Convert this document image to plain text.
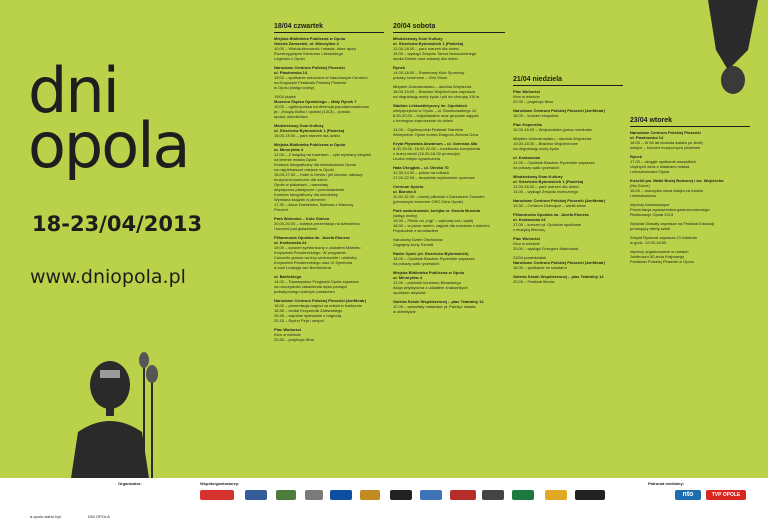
dni
opola
18-23/04/2013
www.dniopola.pl
18/04 czwartek
Miejska Biblioteka Publiczna w Opolu
Galeria Zamostek, ul. Minorytów 4
10.00 – Wielokulturowość i miasta, które łączy
Rozstrzygnięcie Konkursu Literackiego
Legenda o Opolu
Narodowe Centrum Polskiej Piosenki
ul. Piastowska 14
19.00 – spotkanie wieczorne w Narodowym Centrum
na Krajowym Festiwalu Polskiej Piosenki
w Opolu (wstęp wolny)
19/04 piątek
Muzeum Śląska Opolskiego – Mały Rynek 7
10.00 – ogólnopolska konferencja popularnonaukowa
pt.: „Książę Bolko I opolski (1313) – postać,
epoka, dziedzictwo
Młodzieżowy Dom Kultury
ul. Strzelców Bytomskich 1 (Pasieka)
15.00-19.00 – park marzeń dla dzieci
Miejska Biblioteka Publiczna w Opolu
ul. Minorytów 4
12.00 – Z książką na rowerach – cykl wymiany książek
na terenie miasta Opola
Konkurs fotograficzny dla mieszkańców Opola
na najciekawsze miejsce w Opolu
15.00-17.00 – Hotel w Devils i jeli tańców, zabawy
muzyczno-taneczne dla dzieci
Opole w plakatach – warsztaty
artystyczno-plastyczne i przedstawienie
Konkurs fotograficzny dla młodzieży
Wymiana książek w plenerze
17.30 – Anna Danilewicz, Barbara z Manowy
Prezent
Park Wolności – Koło Słońca
20.00-20.00 – kolejna prezentacja na dziedzińcu
i koncert pod gwiazdami
Filharmonia Opolska im. Józefa Elsnera
ul. Krakowska 24
19.00 – koncert symfoniczny z udziałem Maestro
Krzysztofa Pendereckiego. W programie:
Concerto grosso na trzy wiolonczele i orkiestrę
Krzysztofa Pendereckiego oraz IX Symfonia
d-moll Ludwiga van Beethovena
ul. Barlickiego
14.00 – Towarzystwo Przyjaciół Opola zaprasza
na uroczystość zasadzenia dębu pamięci
poświęconego ważnym postaciom
Narodowe Centrum Polskiej Piosenki (Amfiteatr)
18.00 – prezentacja nagród za udział w konkursie
18.30 – recital Krzysztofa Zalewskiego
19.45 – wspólne śpiewanie z nagrodą
20.15 – Rychu Peja i zespół
Plac Wolności
Kino w mieście
20.30 – projekcja filmu
20/04 sobota
Młodzieżowy Dom Kultury
ul. Strzelców Bytomskich 1 (Pasieka)
12.00-18.00 – park marzeń dla dzieci
15.00 – wystąpi Zespołu Tańca Nowoczesnego
studia Debiut oraz zabawy dla dzieci
Rynek
14.00-18.00 – Rowerowy Klub Sportowy
pokazy rowerowe – Gim Show
Miejskie Ucieranowisko – studnia Wojciecha
18.00-19.00 – Bractwo Wojciechowe zaprasza
na degustację wody życia i pół na chorążę XIII w.
Stadion Lekkoatletyczny im. Opolskich
olimpijczyków w Opolu – ul. Sosnkowskiego 12
8.00-20.00 – indywidualne oraz grupowe zajęcia
z treningów zaproszenie do dzieci
14.00 – Ogólnopolski Festiwal Talentów
Wolnyminie Opole kontra Dragons Zielona Góra
Kryta Pływalnia Akwarium – ul. Ozimska 48a
8.00-15.00, 16.00-22.00 – możliwość korzystania
z dużej niecki (16.00-16.00 promocja)
Liczba miejsc ograniczona
Hala Okrąglak – ul. Oleska 70
12.30-14.30 – pokaz na rolkach
17.00-22.00 – bezpłatne wydarzenie sportowe
Centrum Sportu
ul. Barona 8
11.00-12.00 – turniej piłkarski z Dariuszem Żurawim
(pierwszym trenerem OKS Odra Opole)
Park nadodrzański, kolejka nr. Karola Musioła
(wstęp wolny)
15.00 – Piknik na „ruję” – wykonaj coś i wyślij
16.00 – w parze razem, zajęcia dla rodziców z dziećmi
Popołudnie z wrocławiem
Narodowy Dzień Obchodów
Zagrajmy Anny Szmidt
Radio Opole (ul. Strzelców Bytomskich)
18.00 – Opolskie Bractwo Rycerskie zaprasza
na pokazy walk rycerskich
Miejska Biblioteka Publiczna w Opolu
ul. Minorytów 4
12.00 – pokłosie konkursu literackiego
Akcja artystyczna z udziałem znakomitych
opolskich artystów
Galeria Sztuki Współczesnej – plac Teatralny 12
12.00 – warsztaty malarskie pt. Pamięć miasta
w obiektywie
21/04 niedziela
Plac Wolności
Kino w mieście
20.30 – projekcja filmu
Narodowe Centrum Polskiej Piosenki (Amfiteatr)
18.00 – koncert zespołów
Plac Kopernika
10.00-16.00 – Wojewódzka gmina rzemiosła
Miejskie Ucieranowisko – studnia Wojciecha
10.00-18.00 – Bractwo Wojciechowe
na degustację wody życia
ul. Krakowska
12.00 – Opolskie Bractwo Rycerskie zaprasza
na pokazy walk rycerskich
Młodzieżowy Dom Kultury
ul. Strzelców Bytomskich 1 (Pasieka)
12.00-16.00 – park marzeń dla dzieci
14.00 – wystąpi Zespołu tanecznego
Narodowe Centrum Polskiej Piosenki (Amfiteatr)
12.00 – Centrum Dziecięce – wielki show
Filharmonia Opolska im. Józefa Elsnera
ul. Krakowska 24
17.00 – koncert pt. Opolskie spotkanie
z muzyką filmową
Plac Wolności
Kino w mieście
20.00 – wystąpi Grzegorz Markowski
22/04 poniedziałek
Narodowe Centrum Polskiej Piosenki (Amfiteatr)
18.00 – spotkanie ze szkołami
Galeria Sztuki Współczesnej – plac Teatralny 12
20.00 – Festiwal filmów
23/04 wtorek
Narodowe Centrum Polskiej Piosenki
ul. Piastowska 14
18.00 – W 80 lat dookoła świata po złotej
kolejce – koncert muzycznych piosenek
Rynek
17.00 – okrągłe spotkanie wszystkich
chętnych wraz z władzami miasta
i mieszkańcami Opola
Kościół pw. Matki Bożej Bolesnej i św. Wojciecha
(Na Górce)
18.00 – uroczysta msza święta za miasto
i mieszkańców
imprezy towarzyszące
Prezentacja wydawnictwa gastronomicznego
Restauracje Opola 2013
Wydział Oświaty zaprasza na Festiwal Edukacji
promujący ofertę szkół
Zespół Rynkowi zaprasza 21 kwietnia
w godz. 12:00-18:00
imprezy organizowane w ramach
Jubileuszu 50-lecia Krajowego
Festiwalu Polskiej Piosenki w Opolu
Organizator:	Współorganizatorzy:	Patronat medialny:
a opolu warto być	DNI OPOLA
nto	TVP OPOLE
